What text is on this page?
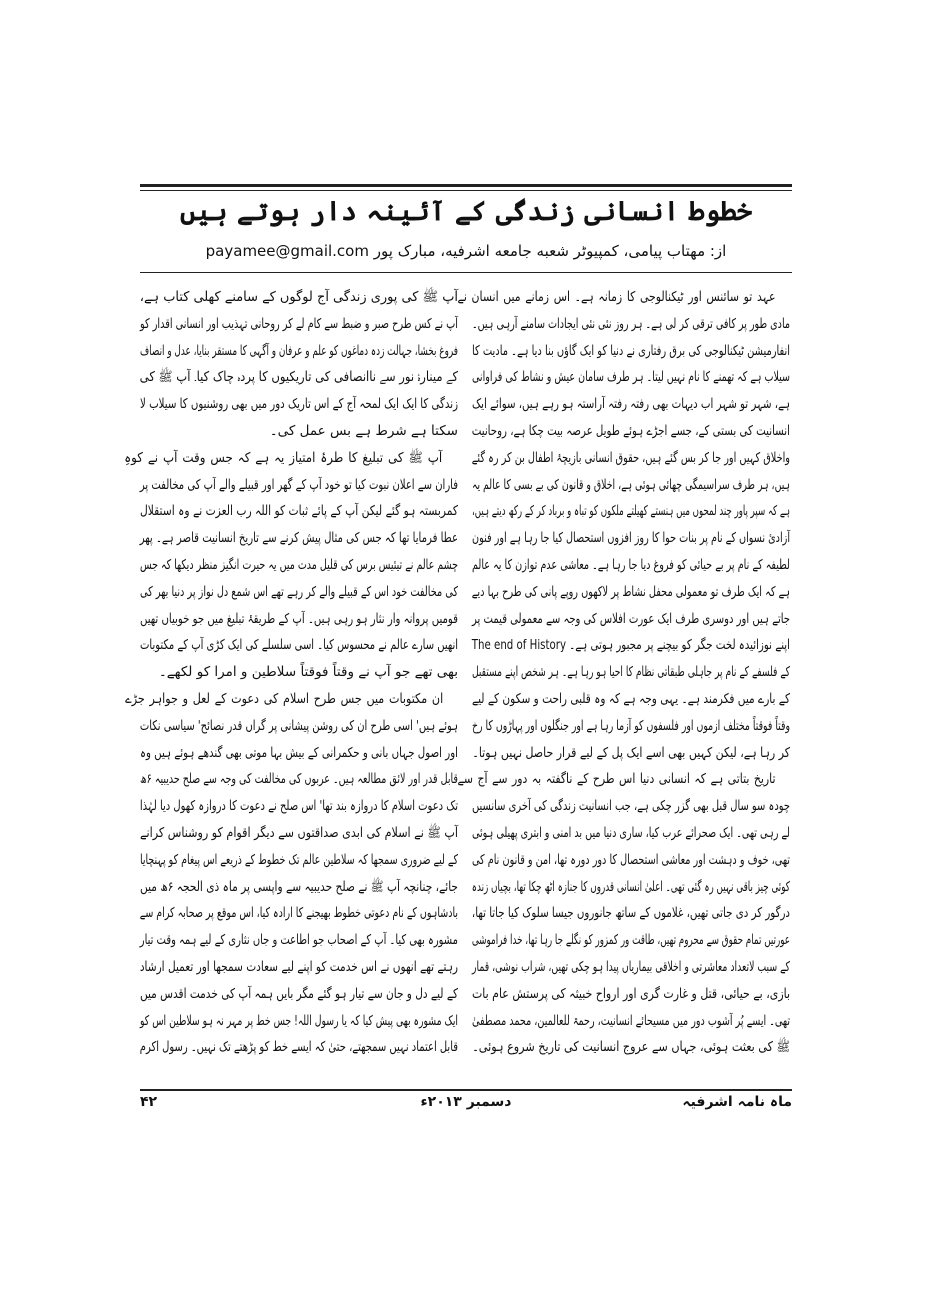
خطوط انسانی زندگی کے آئینہ دار ہوتے ہیں
از: مهتاب پیامی، کمپیوٹر شعبه جامعه اشرفیه، مبارک پور payamee@gmail.com
عہد تو سائنس اور ٹیکنالوجی کا زمانہ ہے۔ اس زمانے میں انسان نے
مادی طور پر کافی ترقی کر لی ہے۔ ہر روز نئی نئی ایجادات سامنے آرہی ہیں۔
انفارمیشن ٹیکنالوجی کی برق رفتاری نے دنیا کو ایک گاؤں بنا دیا ہے۔ مادیت کا
سیلاب ہے کہ تھمنے کا نام نہیں لیتا۔ ہر طرف سامان عیش و نشاط کی فراوانی
ہے، شہر تو شہر اب دیہات بھی رفتہ رفتہ آراستہ ہو رہے ہیں، سوائے ایک
انسانیت کی بستی کے، جسے اجڑے ہوئے طویل عرصہ بیت چکا ہے، روحانیت
واخلاق کہیں اور جا کر بس گئے ہیں، حقوق انسانی بازیچۂ اطفال بن کر رہ گئے
ہیں، ہر طرف سراسیمگی چھائی ہوئی ہے، اخلاق و قانون کی بے بسی کا عالم یہ
ہے کہ سپر پاور چند لمحوں میں ہنستے کھیلتے ملکوں کو تباہ و برباد کر کے رکھ دیتے ہیں،
آزادیٔ نسواں کے نام پر بنات حوا کا روز افزوں استحصال کیا جا رہا ہے اور فنون
لطیفہ کے نام پر بے حیائی کو فروغ دیا جا رہا ہے۔ معاشی عدم توازن کا یہ عالم
ہے کہ ایک طرف تو معمولی محفل نشاط پر لاکھوں روپے پانی کی طرح بہا دیے
جاتے ہیں اور دوسری طرف ایک عورت افلاس کی وجہ سے معمولی قیمت پر
اپنے نوزائیدہ لخت جگر کو بیچنے پر مجبور ہوتی ہے۔ The end of History
کے فلسفے کے نام پر جاہلی طبقاتی نظام کا احیا ہو رہا ہے۔ ہر شخص اپنے مستقبل
کے بارے میں فکرمند ہے۔ یہی وجہ ہے کہ وہ قلبی راحت و سکون کے لیے
وقتاً فوقتاً مختلف ازموں اور فلسفوں کو آزما رہا ہے اور جنگلوں اور پہاڑوں کا رخ
کر رہا ہے، لیکن کہیں بھی اسے ایک پل کے لیے قرار حاصل نہیں ہوتا۔
تاریخ بتاتی ہے کہ انسانی دنیا اس طرح کے ناگفتہ بہ دور سے آج سے
چودہ سو سال قبل بھی گزر چکی ہے، جب انسانیت زندگی کی آخری سانسیں
لے رہی تھی۔ ایک صحرائے عرب کیا، ساری دنیا میں بد امنی و ابتری پھیلی ہوئی
تھی، خوف و دہشت اور معاشی استحصال کا دور دورہ تھا، امن و قانون نام کی
کوئی چیز باقی نہیں رہ گئی تھی۔ اعلیٰ انسانی قدروں کا جنازہ اٹھ چکا تھا، بچیاں زندہ
درگور کر دی جاتی تھیں، غلاموں کے ساتھ جانوروں جیسا سلوک کیا جاتا تھا،
عورتیں تمام حقوق سے محروم تھیں، طاقت ور کمزور کو نگلے جا رہا تھا، خدا فراموشی
کے سبب لاتعداد معاشرتی و اخلاقی بیماریاں پیدا ہو چکی تھیں، شراب نوشی، قمار
بازی، بے حیائی، قتل و غارت گری اور ارواح خبیثہ کی پرستش عام بات
تھی۔ ایسے پُر آشوب دور میں مسیحائے انسانیت، رحمۃ للعالمین، محمد مصطفیٰ
ﷺ کی بعثت ہوئی، جہاں سے عروج انسانیت کی تاریخ شروع ہوئی۔
آپ ﷺ کی پوری زندگی آج لوگوں کے سامنے کھلی کتاب ہے،
آپ نے کس طرح صبر و ضبط سے کام لے کر روحانی تہذیب اور انسانی اقدار کو
فروغ بخشا، جہالت زدہ دماغوں کو علم و عرفان و آگہی کا مستقر بنایا، عدل و انصاف
کے مینارۂ نور سے ناانصافی کی تاریکیوں کا پردہ چاک کیا۔ آپ ﷺ کی
زندگی کا ایک ایک لمحہ آج کے اس تاریک دور میں بھی روشنیوں کا سیلاب لا
سکتا ہے شرط ہے بس عمل کی۔
آپ ﷺ کی تبلیغ کا طرۂ امتیاز یہ ہے کہ جس وقت آپ نے کوہِ
فاران سے اعلان نبوت کیا تو خود آپ کے گھر اور قبیلے والے آپ کی مخالفت پر
کمربستہ ہو گئے لیکن آپ کے پائے ثبات کو اللہ رب العزت نے وہ استقلال
عطا فرمایا تھا کہ جس کی مثال پیش کرنے سے تاریخ انسانیت قاصر ہے۔ پھر
چشم عالم نے تیئیس برس کی قلیل مدت میں یہ حیرت انگیز منظر دیکھا کہ جس
کی مخالفت خود اس کے قبیلے والے کر رہے تھے اس شمع دل نواز پر دنیا بھر کی
قومیں پروانہ وار نثار ہو رہی ہیں۔ آپ کے طریقۂ تبلیغ میں جو خوبیاں تھیں
انھیں سارے عالم نے محسوس کیا۔ اسی سلسلے کی ایک کڑی آپ کے مکتوبات
بھی تھے جو آپ نے وقتاً فوقتاً سلاطین و امرا کو لکھے۔
ان مکتوبات میں جس طرح اسلام کی دعوت کے لعل و جواہر جڑے
ہوئے ہیں' اسی طرح ان کی روشن پیشانی پر گراں قدر نصائح' سیاسی نکات
اور اصول جہاں بانی و حکمرانی کے بیش بہا موتی بھی گندھے ہوئے ہیں وہ
قابل قدر اور لائق مطالعہ ہیں۔ عربوں کی مخالفت کی وجہ سے صلح حدیبیہ ۶ھ
تک دعوت اسلام کا دروازہ بند تھا' اس صلح نے دعوت کا دروازہ کھول دیا لہٰذا
آپ ﷺ نے اسلام کی ابدی صداقتوں سے دیگر اقوام کو روشناس کرانے
کے لیے ضروری سمجھا کہ سلاطین عالم تک خطوط کے ذریعے اس پیغام کو پہنچایا
جائے، چنانچہ آپ ﷺ نے صلح حدیبیہ سے واپسی پر ماہ ذی الحجہ ۶ھ میں
بادشاہوں کے نام دعوتی خطوط بھیجنے کا ارادہ کیا، اس موقع پر صحابہ کرام سے
مشورہ بھی کیا۔ آپ کے اصحاب جو اطاعت و جاں نثاری کے لیے ہمہ وقت تیار
رہتے تھے انھوں نے اس خدمت کو اپنے لیے سعادت سمجھا اور تعمیل ارشاد
کے لیے دل و جان سے تیار ہو گئے مگر بایں ہمہ آپ کی خدمت اقدس میں
ایک مشورہ بھی پیش کیا کہ یا رسول اللہ! جس خط پر مہر نہ ہو سلاطین اس کو
قابل اعتماد نہیں سمجھتے، حتیٰ کہ ایسے خط کو پڑھتے تک نہیں۔ رسول اکرم
ماہ نامہ اشرفیہ
دسمبر ۲۰۱۳ء
۴۲
